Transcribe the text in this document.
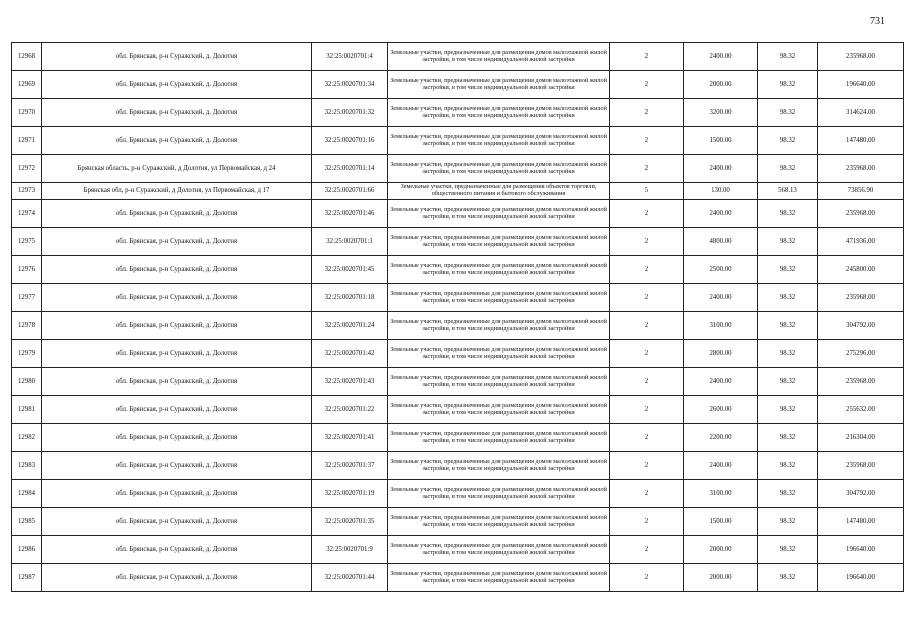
731
12968	обл. Брянская, р-н Суражский, д. Долотня	32:25:0020701:4	Земельные участки, предназначенные для размещения домов малоэтажной жилой застройки, в том числе индивидуальной жилой застройки	2	2400.00	98.32	235968.00
12969	обл. Брянская, р-н Суражский, д. Долотня	32:25:0020701:34	Земельные участки, предназначенные для размещения домов малоэтажной жилой застройки, в том числе индивидуальной жилой застройки	2	2000.00	98.32	196640.00
12970	обл. Брянская, р-н Суражский, д. Долотня	32:25:0020701:32	Земельные участки, предназначенные для размещения домов малоэтажной жилой застройки, в том числе индивидуальной жилой застройки	2	3200.00	98.32	314624.00
12971	обл. Брянская, р-н Суражский, д. Долотня	32:25:0020701:16	Земельные участки, предназначенные для размещения домов малоэтажной жилой застройки, в том числе индивидуальной жилой застройки	2	1500.00	98.32	147480.00
12972	Брянская область, р-н Суражский, д Долотня, ул Первомайская, д 24	32:25:0020701:14	Земельные участки, предназначенные для размещения домов малоэтажной жилой застройки, в том числе индивидуальной жилой застройки	2	2400.00	98.32	235968.00
12973	Брянская обл, р-н Суражский, д Долотня, ул Первомайская, д 17	32:25:0020701:66	Земельные участки, предназначенные для размещения объектов торговли, общественного питания и бытового обслуживания	5	130.00	568.13	73856.90
12974	обл. Брянская, р-н Суражский, д. Долотня	32:25:0020701:46	Земельные участки, предназначенные для размещения домов малоэтажной жилой застройки, в том числе индивидуальной жилой застройки	2	2400.00	98.32	235968.00
12975	обл. Брянская, р-н Суражский, д. Долотня	32:25:0020701:1	Земельные участки, предназначенные для размещения домов малоэтажной жилой застройки, в том числе индивидуальной жилой застройки	2	4800.00	98.32	471936.00
12976	обл. Брянская, р-н Суражский, д. Долотня	32:25:0020701:45	Земельные участки, предназначенные для размещения домов малоэтажной жилой застройки, в том числе индивидуальной жилой застройки	2	2500.00	98.32	245800.00
12977	обл. Брянская, р-н Суражский, д. Долотня	32:25:0020701:18	Земельные участки, предназначенные для размещения домов малоэтажной жилой застройки, в том числе индивидуальной жилой застройки	2	2400.00	98.32	235968.00
12978	обл. Брянская, р-н Суражский, д. Долотня	32:25:0020701:24	Земельные участки, предназначенные для размещения домов малоэтажной жилой застройки, в том числе индивидуальной жилой застройки	2	3100.00	98.32	304792.00
12979	обл. Брянская, р-н Суражский, д. Долотня	32:25:0020701:42	Земельные участки, предназначенные для размещения домов малоэтажной жилой застройки, в том числе индивидуальной жилой застройки	2	2800.00	98.32	275296.00
12980	обл. Брянская, р-н Суражский, д. Долотня	32:25:0020701:43	Земельные участки, предназначенные для размещения домов малоэтажной жилой застройки, в том числе индивидуальной жилой застройки	2	2400.00	98.32	235968.00
12981	обл. Брянская, р-н Суражский, д. Долотня	32:25:0020701:22	Земельные участки, предназначенные для размещения домов малоэтажной жилой застройки, в том числе индивидуальной жилой застройки	2	2600.00	98.32	255632.00
12982	обл. Брянская, р-н Суражский, д. Долотня	32:25:0020701:41	Земельные участки, предназначенные для размещения домов малоэтажной жилой застройки, в том числе индивидуальной жилой застройки	2	2200.00	98.32	216304.00
12983	обл. Брянская, р-н Суражский, д. Долотня	32:25:0020701:37	Земельные участки, предназначенные для размещения домов малоэтажной жилой застройки, в том числе индивидуальной жилой застройки	2	2400.00	98.32	235968.00
12984	обл. Брянская, р-н Суражский, д. Долотня	32:25:0020701:19	Земельные участки, предназначенные для размещения домов малоэтажной жилой застройки, в том числе индивидуальной жилой застройки	2	3100.00	98.32	304792.00
12985	обл. Брянская, р-н Суражский, д. Долотня	32:25:0020701:35	Земельные участки, предназначенные для размещения домов малоэтажной жилой застройки, в том числе индивидуальной жилой застройки	2	1500.00	98.32	147480.00
12986	обл. Брянская, р-н Суражский, д. Долотня	32:25:0020701:9	Земельные участки, предназначенные для размещения домов малоэтажной жилой застройки, в том числе индивидуальной жилой застройки	2	2000.00	98.32	196640.00
12987	обл. Брянская, р-н Суражский, д. Долотня	32:25:0020701:44	Земельные участки, предназначенные для размещения домов малоэтажной жилой застройки, в том числе индивидуальной жилой застройки	2	2000.00	98.32	196640.00
